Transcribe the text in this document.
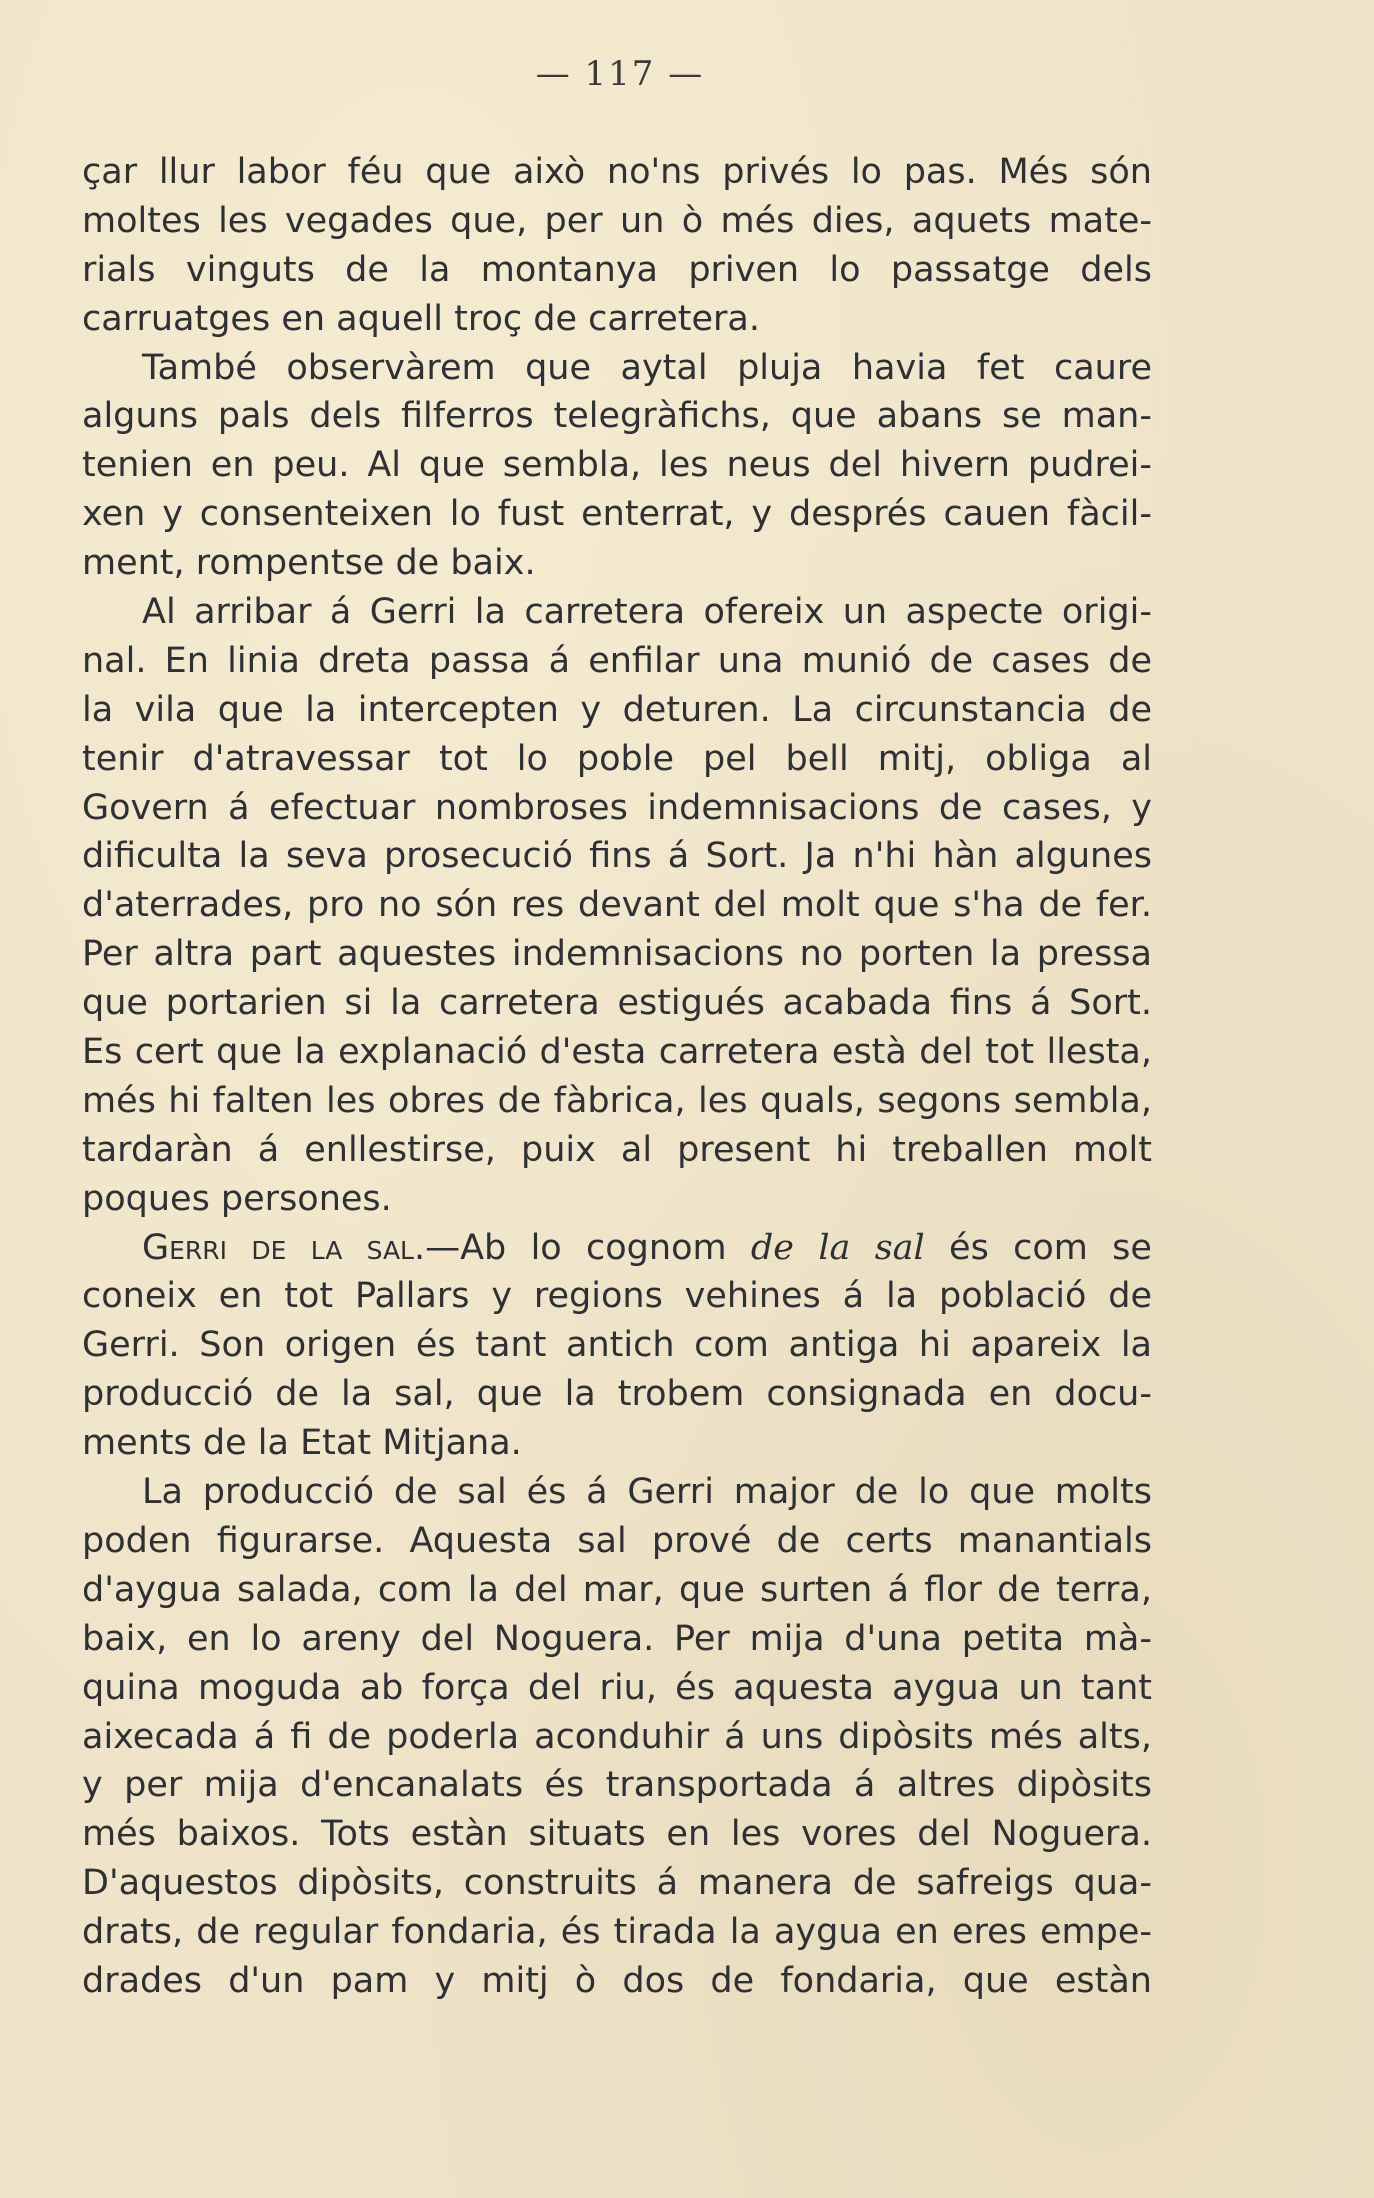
— 117 —
çar llur labor féu que això no'ns privés lo pas. Més són
moltes les vegades que, per un ò més dies, aquets mate-
rials vinguts de la montanya priven lo passatge dels
carruatges en aquell troç de carretera.
També observàrem que aytal pluja havia fet caure
alguns pals dels filferros telegràfichs, que abans se man-
tenien en peu. Al que sembla, les neus del hivern pudrei-
xen y consenteixen lo fust enterrat, y després cauen fàcil-
ment, rompentse de baix.
Al arribar á Gerri la carretera ofereix un aspecte origi-
nal. En linia dreta passa á enfilar una munió de cases de
la vila que la intercepten y deturen. La circunstancia de
tenir d'atravessar tot lo poble pel bell mitj, obliga al
Govern á efectuar nombroses indemnisacions de cases, y
dificulta la seva prosecució fins á Sort. Ja n'hi hàn algunes
d'aterrades, pro no són res devant del molt que s'ha de fer.
Per altra part aquestes indemnisacions no porten la pressa
que portarien si la carretera estigués acabada fins á Sort.
Es cert que la explanació d'esta carretera està del tot llesta,
més hi falten les obres de fàbrica, les quals, segons sembla,
tardaràn á enllestirse, puix al present hi treballen molt
poques persones.
Gerri de la sal.—Ab lo cognom de la sal és com se
coneix en tot Pallars y regions vehines á la població de
Gerri. Son origen és tant antich com antiga hi apareix la
producció de la sal, que la trobem consignada en docu-
ments de la Etat Mitjana.
La producció de sal és á Gerri major de lo que molts
poden figurarse. Aquesta sal prové de certs manantials
d'aygua salada, com la del mar, que surten á flor de terra,
baix, en lo areny del Noguera. Per mija d'una petita mà-
quina moguda ab força del riu, és aquesta aygua un tant
aixecada á fi de poderla aconduhir á uns dipòsits més alts,
y per mija d'encanalats és transportada á altres dipòsits
més baixos. Tots estàn situats en les vores del Noguera.
D'aquestos dipòsits, construits á manera de safreigs qua-
drats, de regular fondaria, és tirada la aygua en eres empe-
drades d'un pam y mitj ò dos de fondaria, que estàn
